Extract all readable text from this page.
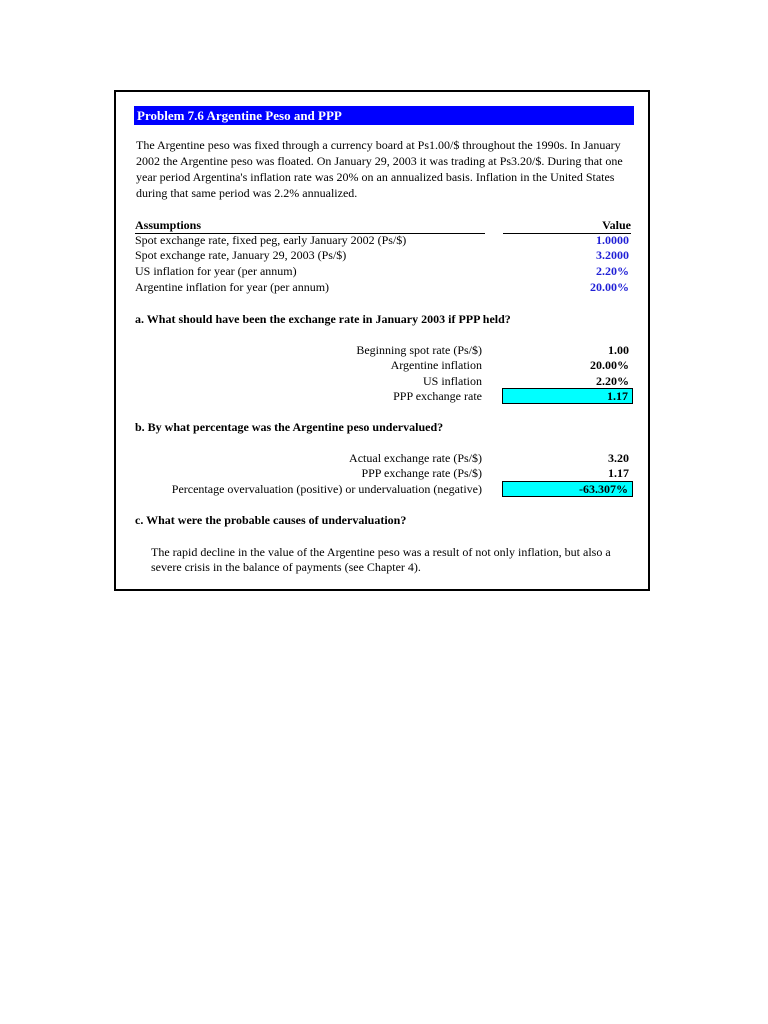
Problem 7.6 Argentine Peso and PPP
The Argentine peso was fixed through a currency board at Ps1.00/$ throughout the 1990s. In January 2002 the Argentine peso was floated. On January 29, 2003 it was trading at Ps3.20/$. During that one year period Argentina's inflation rate was 20% on an annualized basis. Inflation in the United States during that same period was 2.2% annualized.
Assumptions	Value
Spot exchange rate, fixed peg, early January 2002 (Ps/$)	1.0000
Spot exchange rate, January 29, 2003 (Ps/$)	3.2000
US inflation for year (per annum)	2.20%
Argentine inflation for year (per annum)	20.00%
a. What should have been the exchange rate in January 2003 if PPP held?
Beginning spot rate (Ps/$)	1.00
Argentine inflation	20.00%
US inflation	2.20%
PPP exchange rate	1.17
b. By what percentage was the Argentine peso undervalued?
Actual exchange rate (Ps/$)	3.20
PPP exchange rate (Ps/$)	1.17
Percentage overvaluation (positive) or undervaluation (negative)	-63.307%
c. What were the probable causes of undervaluation?
The rapid decline in the value of the Argentine peso was a result of not only inflation, but also a severe crisis in the balance of payments (see Chapter 4).
